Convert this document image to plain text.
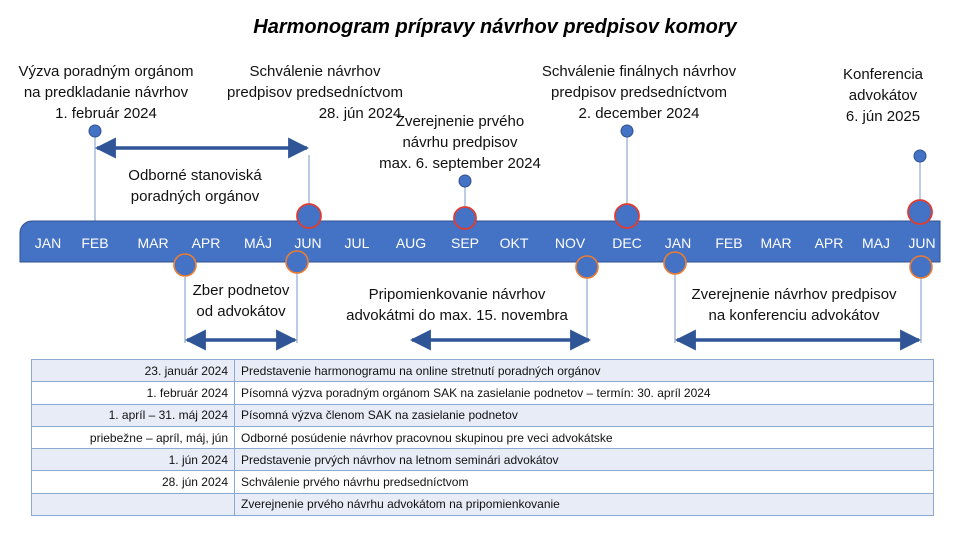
Harmonogram prípravy návrhov predpisov komory
JAN FEB MAR APR MÁJ JUN JUL AUG SEP OKT NOV DEC JAN FEB MAR APR MAJ JUN
Výzva poradným orgánom
na predkladanie návrhov
1. február 2024
Schválenie návrhov
predpisov predsedníctvom
28. jún 2024
Zverejnenie prvého
návrhu predpisov
max. 6. september 2024
Schválenie finálnych návrhov
predpisov predsedníctvom
2. december 2024
Konferencia
advokátov
6. jún 2025
Odborné stanoviská
poradných orgánov
Zber podnetov
od advokátov
Pripomienkovanie návrhov
advokátmi do max. 15. novembra
Zverejnenie návrhov predpisov
na konferenciu advokátov
23. január 2024	Predstavenie harmonogramu na online stretnutí poradných orgánov
1. február 2024	Písomná výzva poradným orgánom SAK na zasielanie podnetov – termín: 30. apríl 2024
1. apríl – 31. máj 2024	Písomná výzva členom SAK na zasielanie podnetov
priebežne – apríl, máj, jún	Odborné posúdenie návrhov pracovnou skupinou pre veci advokátske
1. jún 2024	Predstavenie prvých návrhov na letnom seminári advokátov
28. jún 2024	Schválenie prvého návrhu predsedníctvom
	Zverejnenie prvého návrhu advokátom na pripomienkovanie
